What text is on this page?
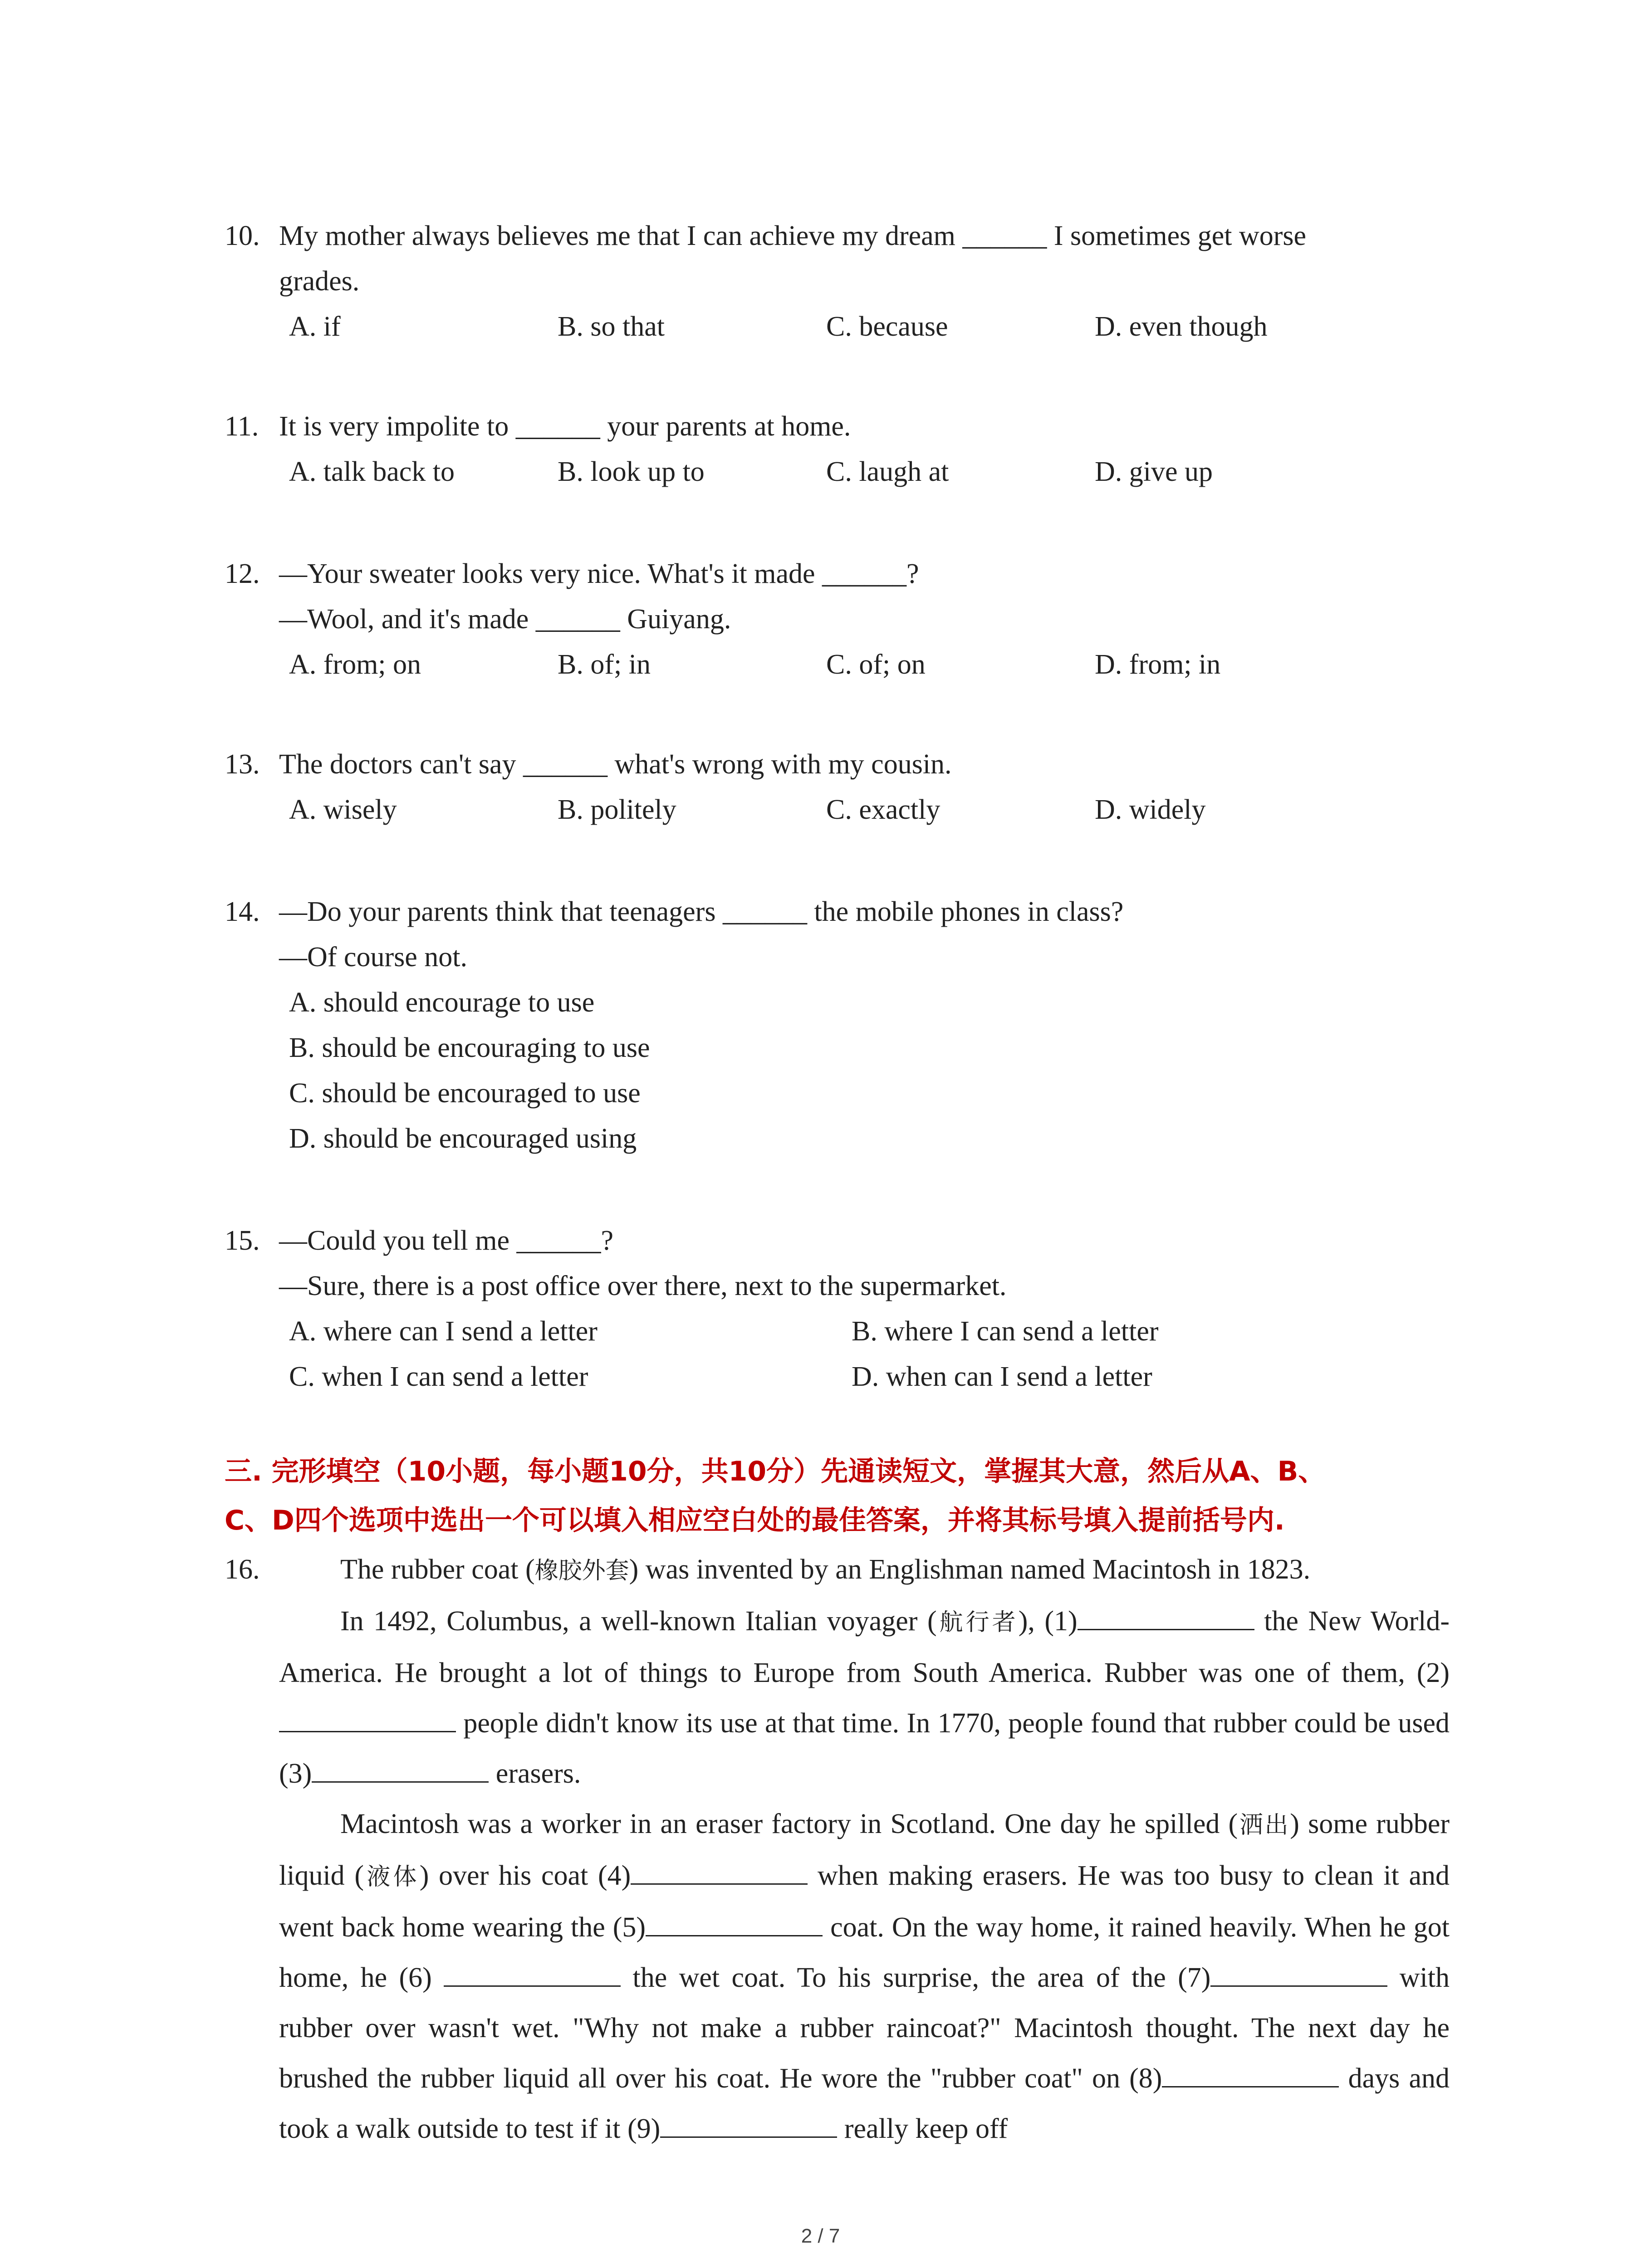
10. My mother always believes me that I can achieve my dream ______ I sometimes get worse
grades.
A. if	B. so that	C. because	D. even though
11. It is very impolite to ______ your parents at home.
A. talk back to	B. look up to	C. laugh at	D. give up
12. —Your sweater looks very nice. What's it made ______?
—Wool, and it's made ______ Guiyang.
A. from; on	B. of; in	C. of; on	D. from; in
13. The doctors can't say ______ what's wrong with my cousin.
A. wisely	B. politely	C. exactly	D. widely
14. —Do your parents think that teenagers ______ the mobile phones in class?
—Of course not.
A. should encourage to use
B. should be encouraging to use
C. should be encouraged to use
D. should be encouraged using
15. —Could you tell me ______?
—Sure, there is a post office over there, next to the supermarket.
A. where can I send a letter	B. where I can send a letter
C. when I can send a letter	D. when can I send a letter
三. 完形填空（10小题，每小题10分，共10分）先通读短文，掌握其大意，然后从A、B、
C、D四个选项中选出一个可以填入相应空白处的最佳答案，并将其标号填入提前括号内.
16.	The rubber coat (橡胶外套) was invented by an Englishman named Macintosh in 1823.

In 1492, Columbus, a well-known Italian voyager (航行者), (1)	the New World-America. He brought a lot of things to Europe from South America. Rubber was one of them, (2) people didn't know its use at that time. In 1770, people found that rubber could be used (3)	erasers.

Macintosh was a worker in an eraser factory in Scotland. One day he spilled (洒出) some rubber liquid (液体) over his coat (4)	when making erasers. He was too busy to clean it and went back home wearing the (5)	coat. On the way home, it rained heavily. When he got home, he (6)	the wet coat. To his surprise, the area of the (7)	with rubber over wasn't wet. "Why not make a rubber raincoat?" Macintosh thought. The next day he brushed the rubber liquid all over his coat. He wore the "rubber coat" on (8)	days and took a walk outside to test if it (9)	really keep off

2 / 7
